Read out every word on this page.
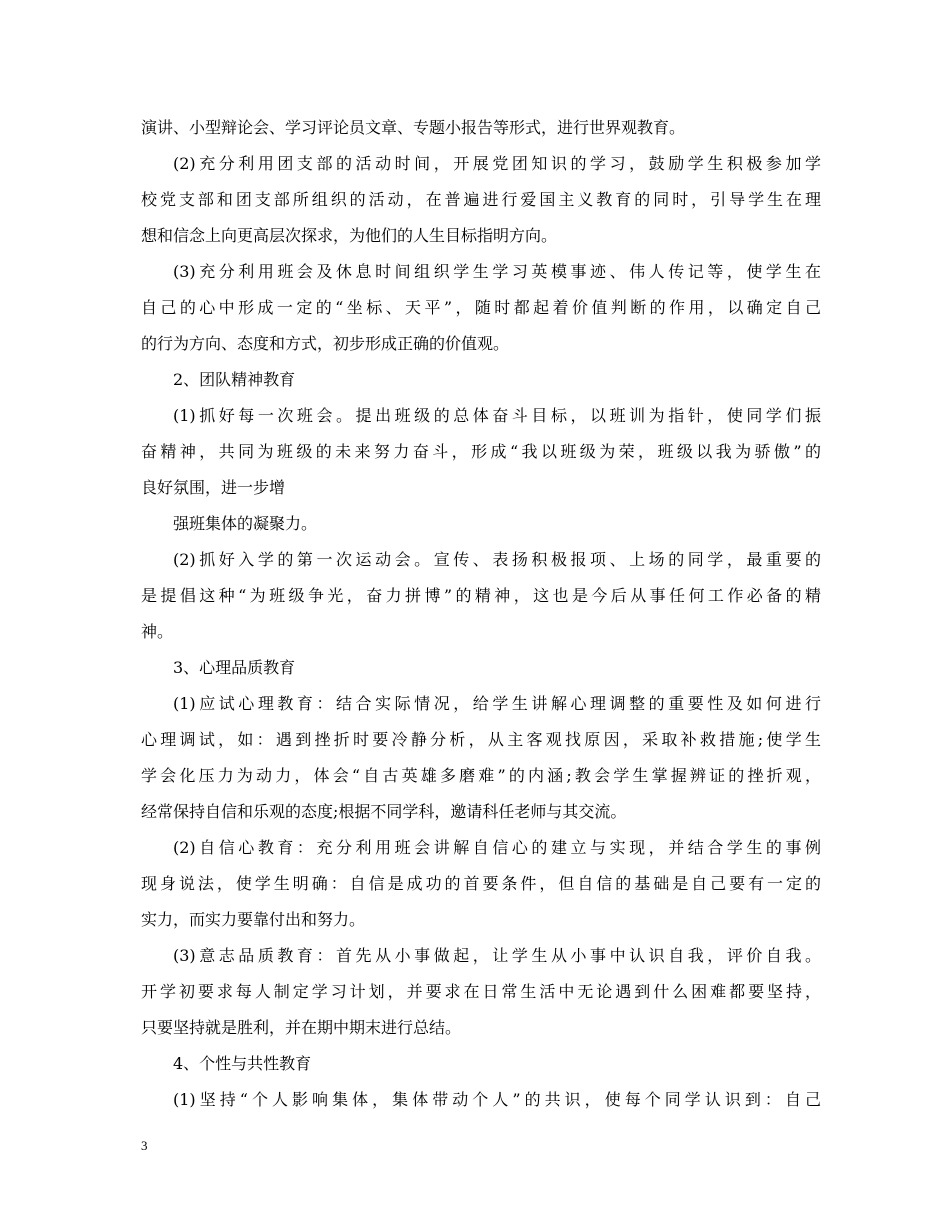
演讲、小型辩论会、学习评论员文章、专题小报告等形式，进行世界观教育。
(2)充分利用团支部的活动时间，开展党团知识的学习，鼓励学生积极参加学
校党支部和团支部所组织的活动，在普遍进行爱国主义教育的同时，引导学生在理
想和信念上向更高层次探求，为他们的人生目标指明方向。
(3)充分利用班会及休息时间组织学生学习英模事迹、伟人传记等，使学生在
自己的心中形成一定的“坐标、天平”，随时都起着价值判断的作用，以确定自己
的行为方向、态度和方式，初步形成正确的价值观。
2、团队精神教育
(1)抓好每一次班会。提出班级的总体奋斗目标，以班训为指针，使同学们振
奋精神，共同为班级的未来努力奋斗，形成“我以班级为荣，班级以我为骄傲”的
良好氛围，进一步增
强班集体的凝聚力。
(2)抓好入学的第一次运动会。宣传、表扬积极报项、上场的同学，最重要的
是提倡这种“为班级争光，奋力拼博”的精神，这也是今后从事任何工作必备的精
神。
3、心理品质教育
(1)应试心理教育：结合实际情况，给学生讲解心理调整的重要性及如何进行
心理调试，如：遇到挫折时要冷静分析，从主客观找原因，采取补救措施;使学生
学会化压力为动力，体会“自古英雄多磨难”的内涵;教会学生掌握辨证的挫折观，
经常保持自信和乐观的态度;根据不同学科，邀请科任老师与其交流。
(2)自信心教育：充分利用班会讲解自信心的建立与实现，并结合学生的事例
现身说法，使学生明确：自信是成功的首要条件，但自信的基础是自己要有一定的
实力，而实力要靠付出和努力。
(3)意志品质教育：首先从小事做起，让学生从小事中认识自我，评价自我。
开学初要求每人制定学习计划，并要求在日常生活中无论遇到什么困难都要坚持，
只要坚持就是胜利，并在期中期末进行总结。
4、个性与共性教育
(1)坚持“个人影响集体，集体带动个人”的共识，使每个同学认识到：自己
3
